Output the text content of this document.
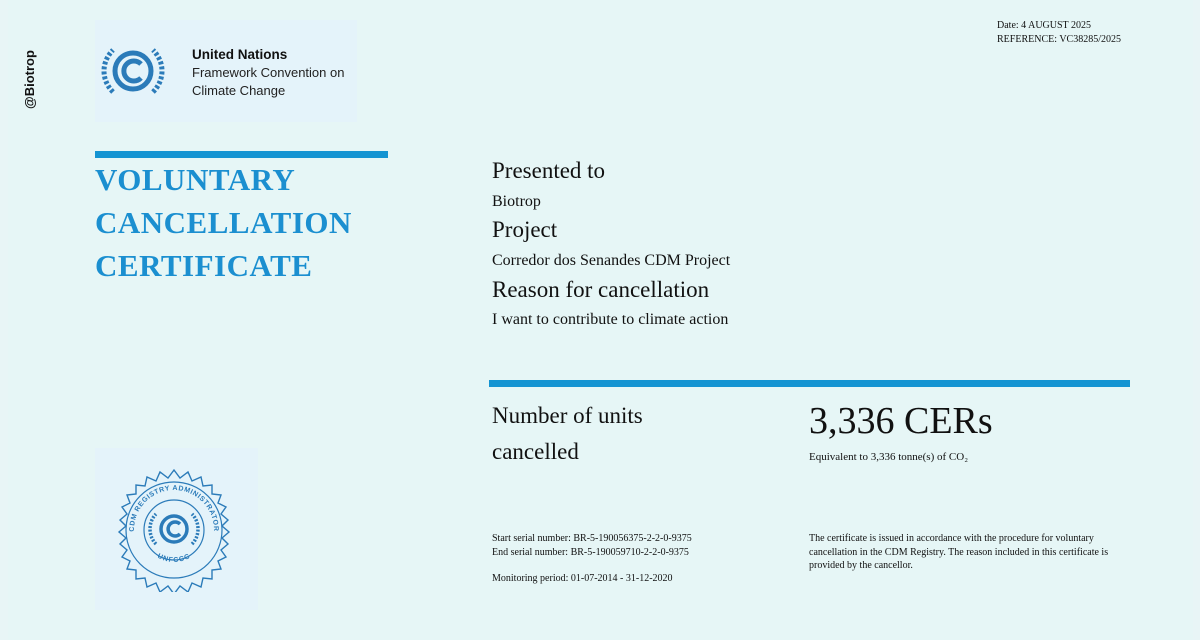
@Biotrop	United Nations
Framework Convention on
Climate Change
Date: 4 AUGUST 2025
REFERENCE: VC38285/2025
VOLUNTARY
CANCELLATION
CERTIFICATE
Presented to
Biotrop
Project
Corredor dos Senandes CDM Project
Reason for cancellation
I want to contribute to climate action
Number of units
cancelled
3,336 CERs
Equivalent to 3,336 tonne(s) of CO₂
Start serial number: BR-5-190056375-2-2-0-9375
End serial number: BR-5-190059710-2-2-0-9375
Monitoring period: 01-07-2014 - 31-12-2020
The certificate is issued in accordance with the procedure for voluntary cancellation in the CDM Registry. The reason included in this certificate is provided by the cancellor.
CDM REGISTRY ADMINISTRATOR
UNFCCC
